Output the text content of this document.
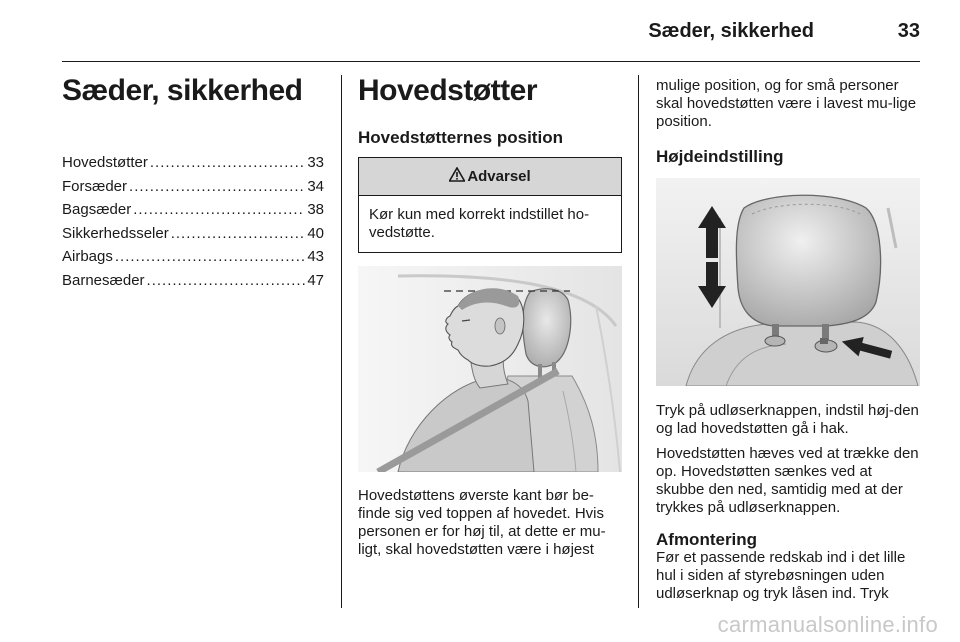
Sæder, sikkerhed	33
Sæder, sikkerhed
Hovedstøtter .....	33
Forsæder .....	34
Bagsæder .....	38
Sikkerhedsseler .....	40
Airbags .....	43
Barnesæder .....	47
Hovedstøtter
Hovedstøtternes position
Advarsel
Kør kun med korrekt indstillet ho-vedstøtte.
Hovedstøttens øverste kant bør be-finde sig ved toppen af hovedet. Hvis personen er for høj til, at dette er mu-ligt, skal hovedstøtten være i højest
mulige position, og for små personer skal hovedstøtten være i lavest mu-lige position.
Højdeindstilling

Tryk på udløserknappen, indstil høj-den og lad hovedstøtten gå i hak.

Hovedstøtten hæves ved at trække den op. Hovedstøtten sænkes ved at skubbe den ned, samtidig med at der trykkes på udløserknappen.

Afmontering

Før et passende redskab ind i det lille hul i siden af styrebøsningen uden udløserknap og tryk låsen ind. Tryk

carmanualsonline.info
